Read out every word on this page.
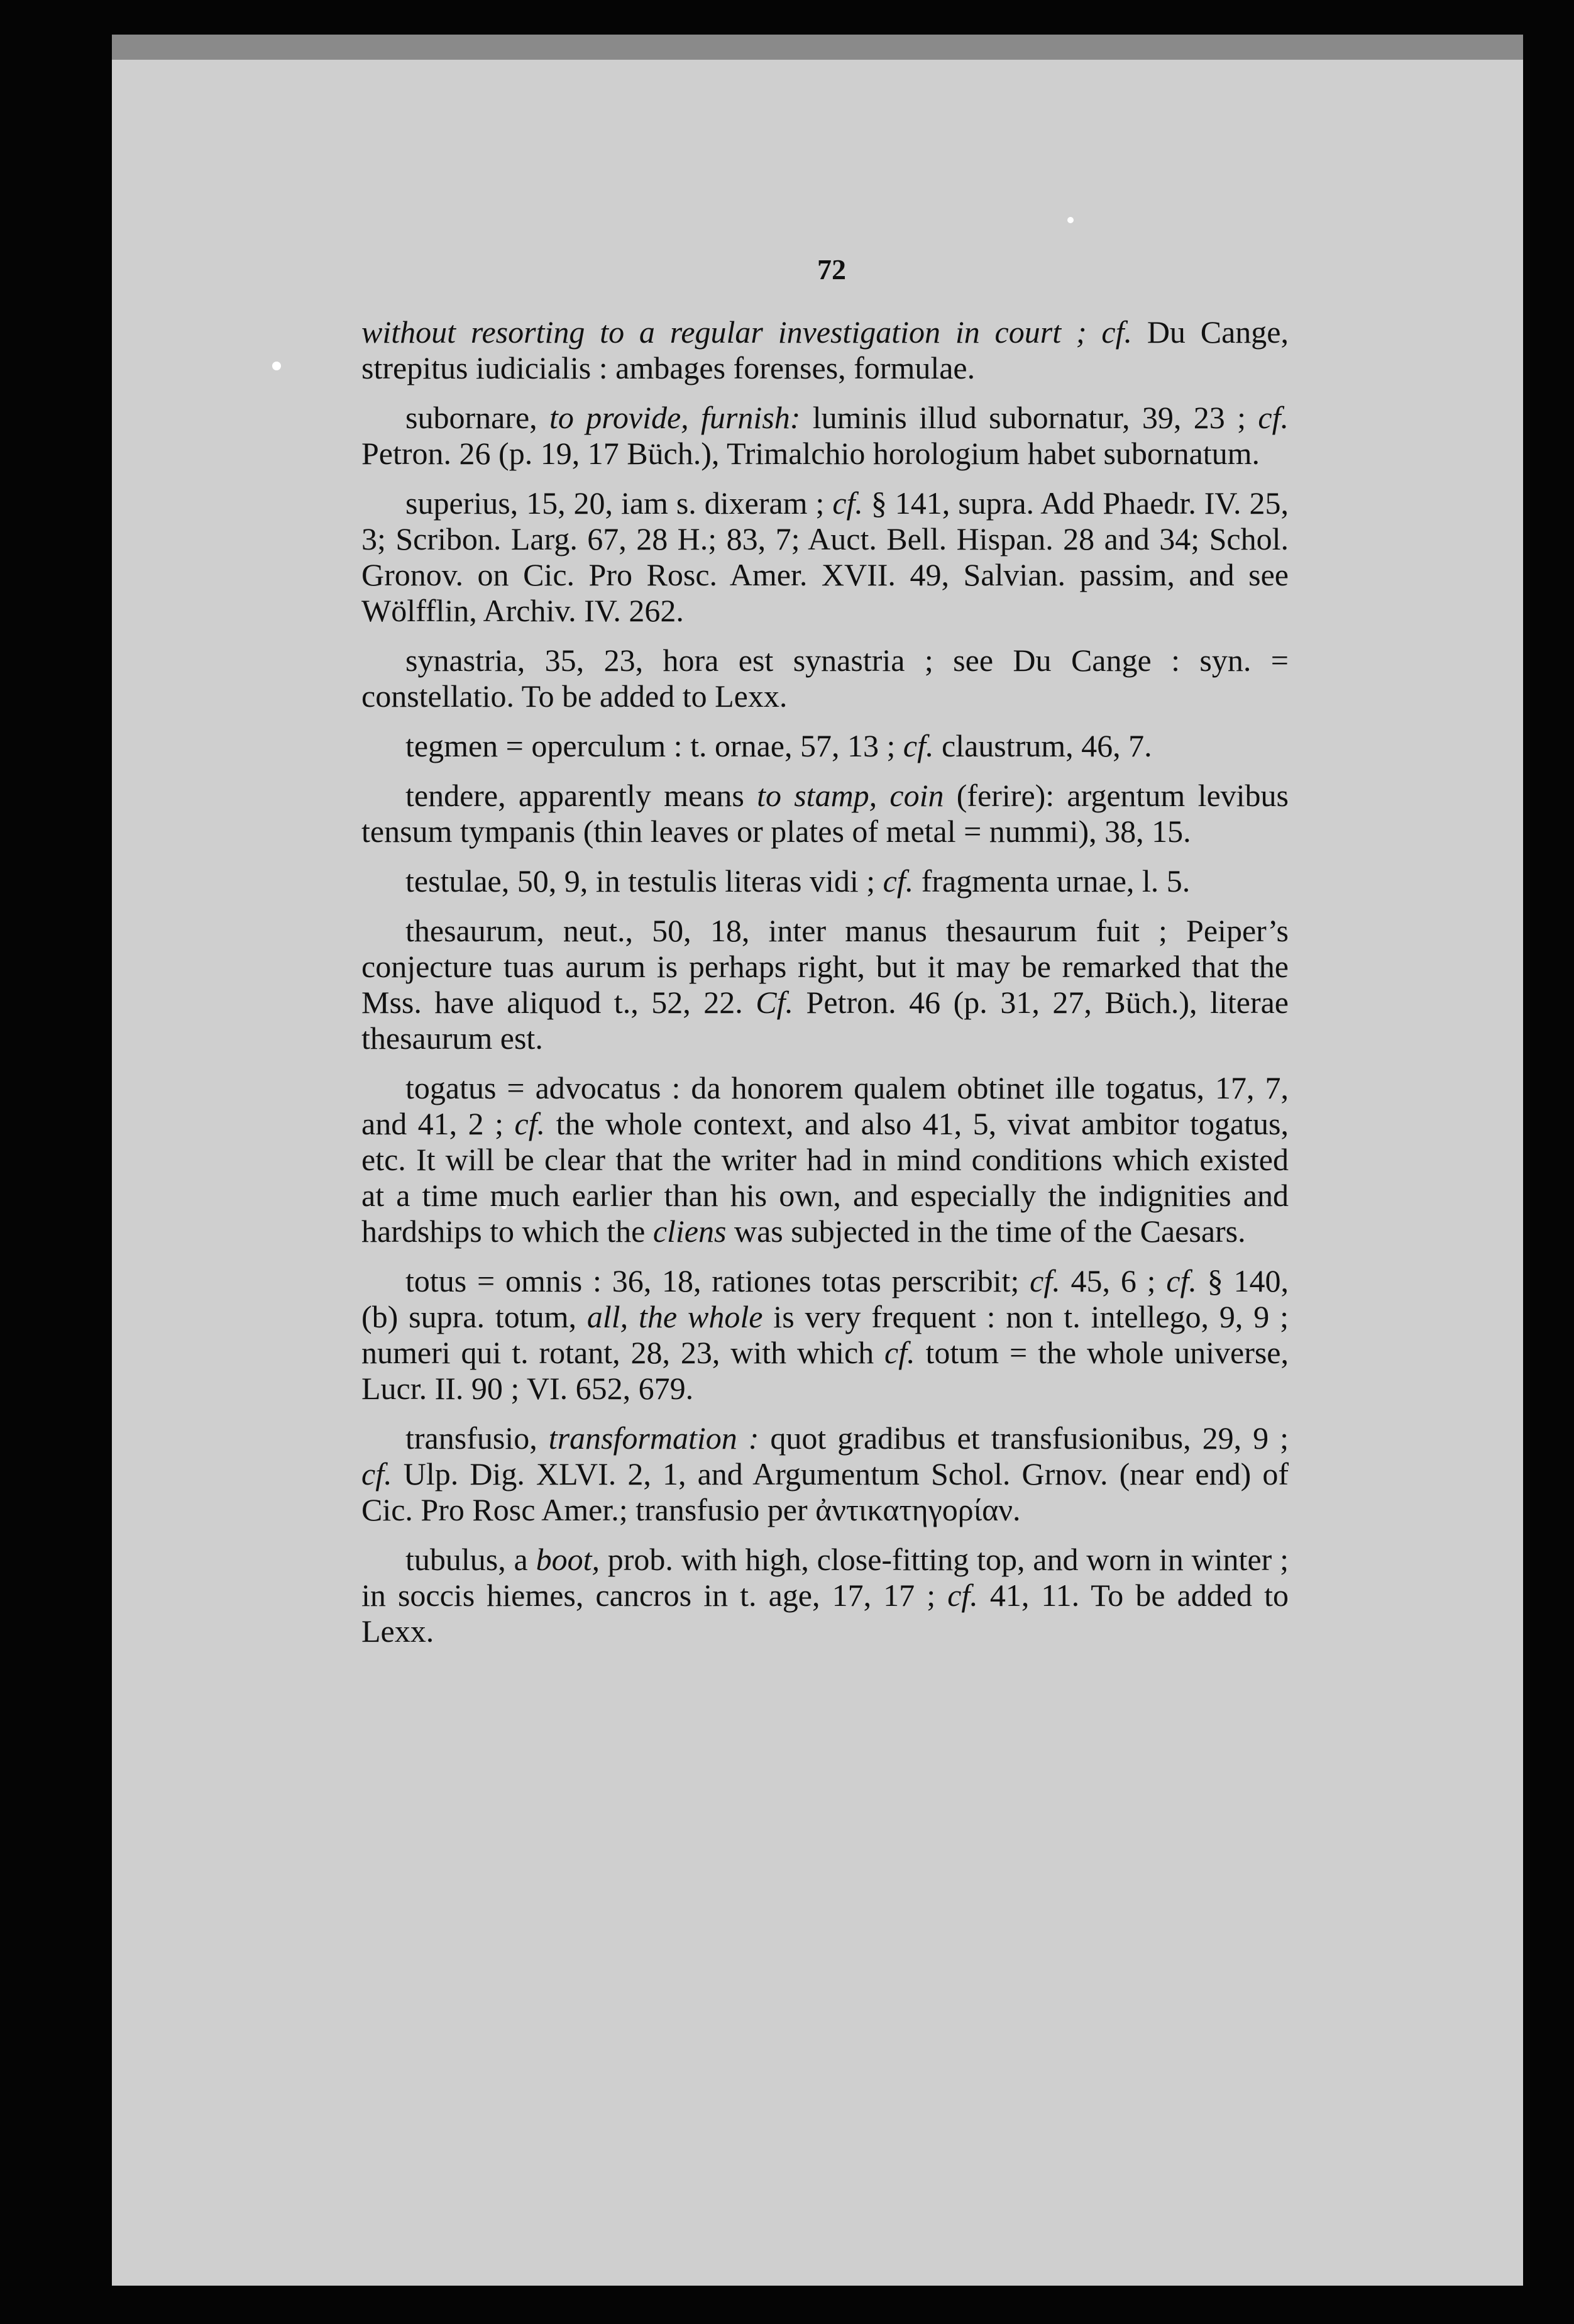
72

without resorting to a regular investigation in court ; cf. Du Cange, strepitus iudicialis : ambages forenses, formulae.

subornare, to provide, furnish: luminis illud subornatur, 39, 23 ; cf. Petron. 26 (p. 19, 17 Büch.), Trimalchio horologium habet subornatum.

superius, 15, 20, iam s. dixeram ; cf. § 141, supra. Add Phaedr. IV. 25, 3; Scribon. Larg. 67, 28 H.; 83, 7; Auct. Bell. Hispan. 28 and 34; Schol. Gronov. on Cic. Pro Rosc. Amer. XVII. 49, Salvian. passim, and see Wölfflin, Archiv. IV. 262.

synastria, 35, 23, hora est synastria ; see Du Cange : syn. = constellatio. To be added to Lexx.

tegmen = operculum : t. ornae, 57, 13 ; cf. claustrum, 46, 7.

tendere, apparently means to stamp, coin (ferire): argentum levibus tensum tympanis (thin leaves or plates of metal = nummi), 38, 15.

testulae, 50, 9, in testulis literas vidi ; cf. fragmenta urnae, l. 5.

thesaurum, neut., 50, 18, inter manus thesaurum fuit ; Peiper’s conjecture tuas aurum is perhaps right, but it may be remarked that the Mss. have aliquod t., 52, 22. Cf. Petron. 46 (p. 31, 27, Büch.), literae thesaurum est.

togatus = advocatus : da honorem qualem obtinet ille togatus, 17, 7, and 41, 2 ; cf. the whole context, and also 41, 5, vivat ambitor togatus, etc. It will be clear that the writer had in mind conditions which existed at a time much earlier than his own, and especially the indignities and hardships to which the cliens was subjected in the time of the Caesars.

totus = omnis : 36, 18, rationes totas perscribit; cf. 45, 6 ; cf. § 140, (b) supra. totum, all, the whole is very frequent : non t. intellego, 9, 9 ; numeri qui t. rotant, 28, 23, with which cf. totum = the whole universe, Lucr. II. 90 ; VI. 652, 679.

transfusio, transformation : quot gradibus et transfusionibus, 29, 9 ; cf. Ulp. Dig. XLVI. 2, 1, and Argumentum Schol. Grnov. (near end) of Cic. Pro Rosc Amer.; transfusio per ἀντικατηγορίαν.

tubulus, a boot, prob. with high, close-fitting top, and worn in winter ; in soccis hiemes, cancros in t. age, 17, 17 ; cf. 41, 11. To be added to Lexx.
